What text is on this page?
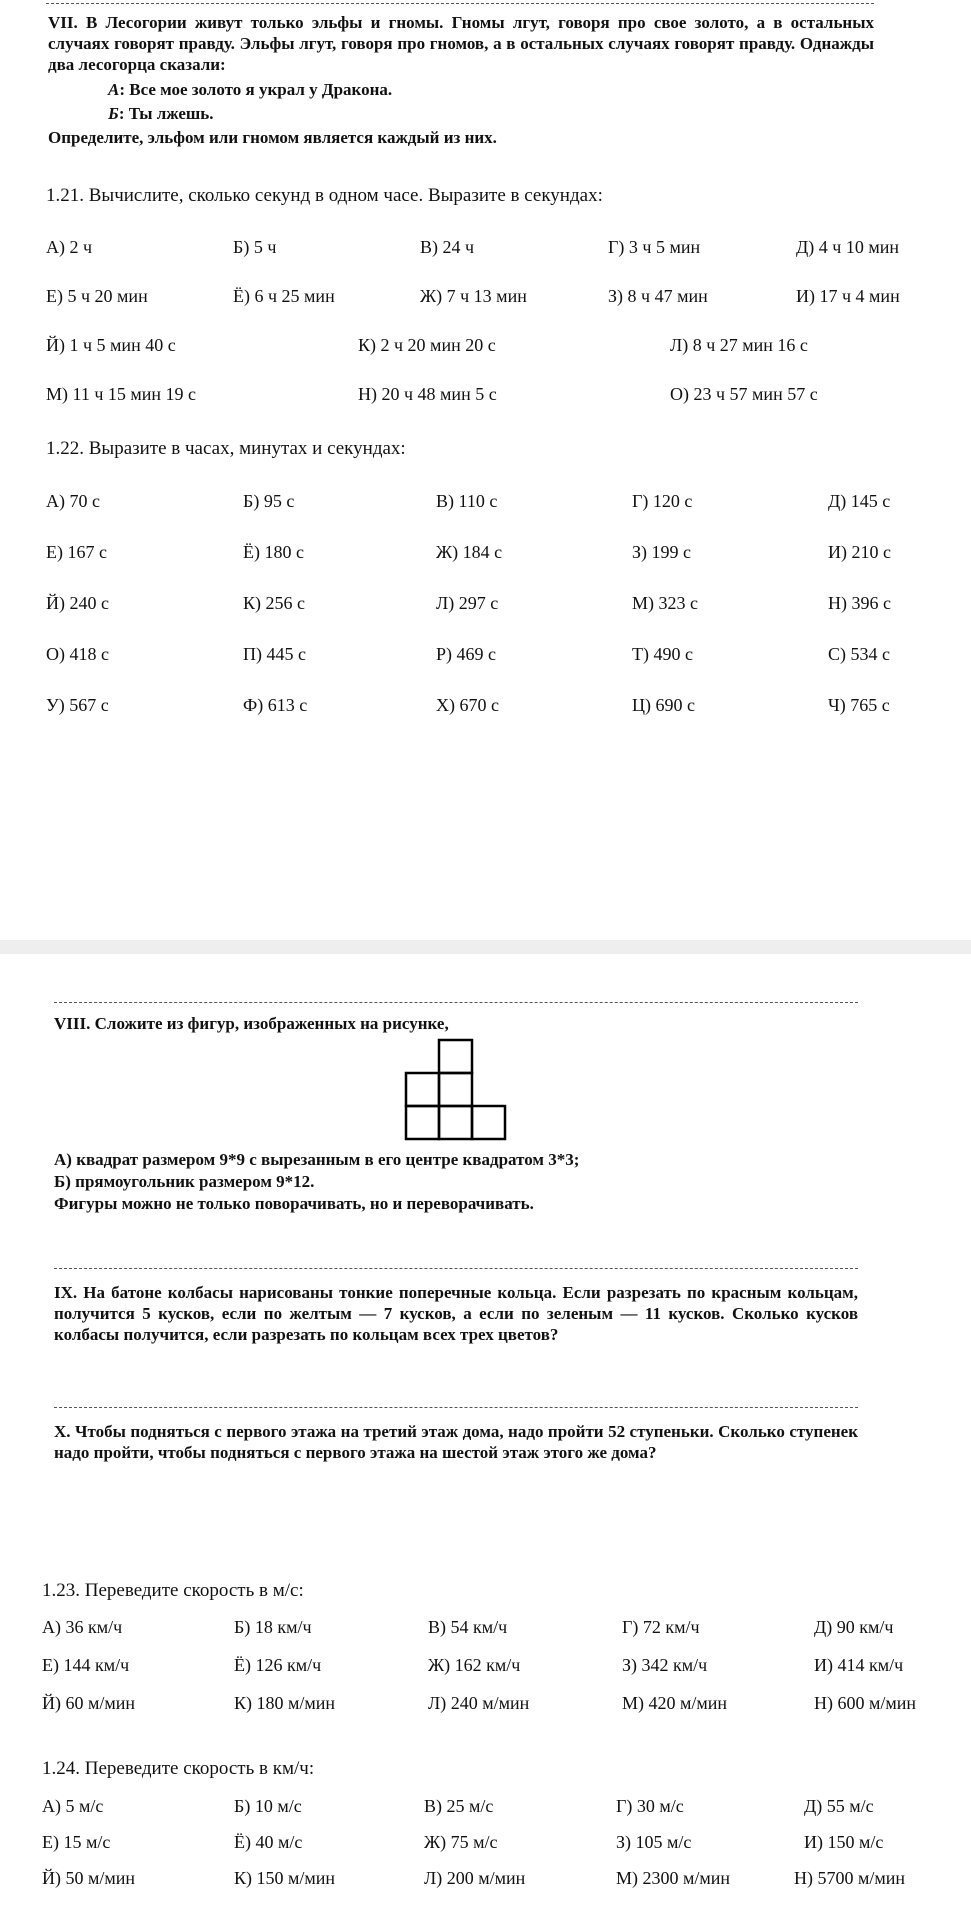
VII. В Лесогории живут только эльфы и гномы. Гномы лгут, говоря про свое золото, а в остальных случаях говорят правду. Эльфы лгут, говоря про гномов, а в остальных случаях говорят правду. Однажды два лесогорца сказали:
А: Все мое золото я украл у Дракона.
Б: Ты лжешь.
Определите, эльфом или гномом является каждый из них.
1.21. Вычислите, сколько секунд в одном часе. Выразите в секундах:
А) 2 ч	Б) 5 ч	В) 24 ч	Г) 3 ч 5 мин	Д) 4 ч 10 мин
Е) 5 ч 20 мин	Ё) 6 ч 25 мин	Ж) 7 ч 13 мин	З) 8 ч 47 мин	И) 17 ч 4 мин
Й) 1 ч 5 мин 40 с	К) 2 ч 20 мин 20 с	Л) 8 ч 27 мин 16 с
М) 11 ч 15 мин 19 с	Н) 20 ч 48 мин 5 с	О) 23 ч 57 мин 57 с
1.22. Выразите в часах, минутах и секундах:
А) 70 с	Б) 95 с	В) 110 с	Г) 120 с	Д) 145 с
Е) 167 с	Ё) 180 с	Ж) 184 с	З) 199 с	И) 210 с
Й) 240 с	К) 256 с	Л) 297 с	М) 323 с	Н) 396 с
О) 418 с	П) 445 с	Р) 469 с	Т) 490 с	С) 534 с
У) 567 с	Ф) 613 с	Х) 670 с	Ц) 690 с	Ч) 765 с
VIII. Сложите из фигур, изображенных на рисунке,
А) квадрат размером 9*9 с вырезанным в его центре квадратом 3*3;
Б) прямоугольник размером 9*12.
Фигуры можно не только поворачивать, но и переворачивать.
IX. На батоне колбасы нарисованы тонкие поперечные кольца. Если разрезать по красным кольцам, получится 5 кусков, если по желтым — 7 кусков, а если по зеленым — 11 кусков. Сколько кусков колбасы получится, если разрезать по кольцам всех трех цветов?
X. Чтобы подняться с первого этажа на третий этаж дома, надо пройти 52 ступеньки. Сколько ступенек надо пройти, чтобы подняться с первого этажа на шестой этаж этого же дома?
1.23. Переведите скорость в м/с:
А) 36 км/ч	Б) 18 км/ч	В) 54 км/ч	Г) 72 км/ч	Д) 90 км/ч
Е) 144 км/ч	Ё) 126 км/ч	Ж) 162 км/ч	З) 342 км/ч	И) 414 км/ч
Й) 60 м/мин	К) 180 м/мин	Л) 240 м/мин	М) 420 м/мин	Н) 600 м/мин
1.24. Переведите скорость в км/ч:
А) 5 м/с	Б) 10 м/с	В) 25 м/с	Г) 30 м/с	Д) 55 м/с
Е) 15 м/с	Ё) 40 м/с	Ж) 75 м/с	З) 105 м/с	И) 150 м/с
Й) 50 м/мин	К) 150 м/мин	Л) 200 м/мин	М) 2300 м/мин	Н) 5700 м/мин
